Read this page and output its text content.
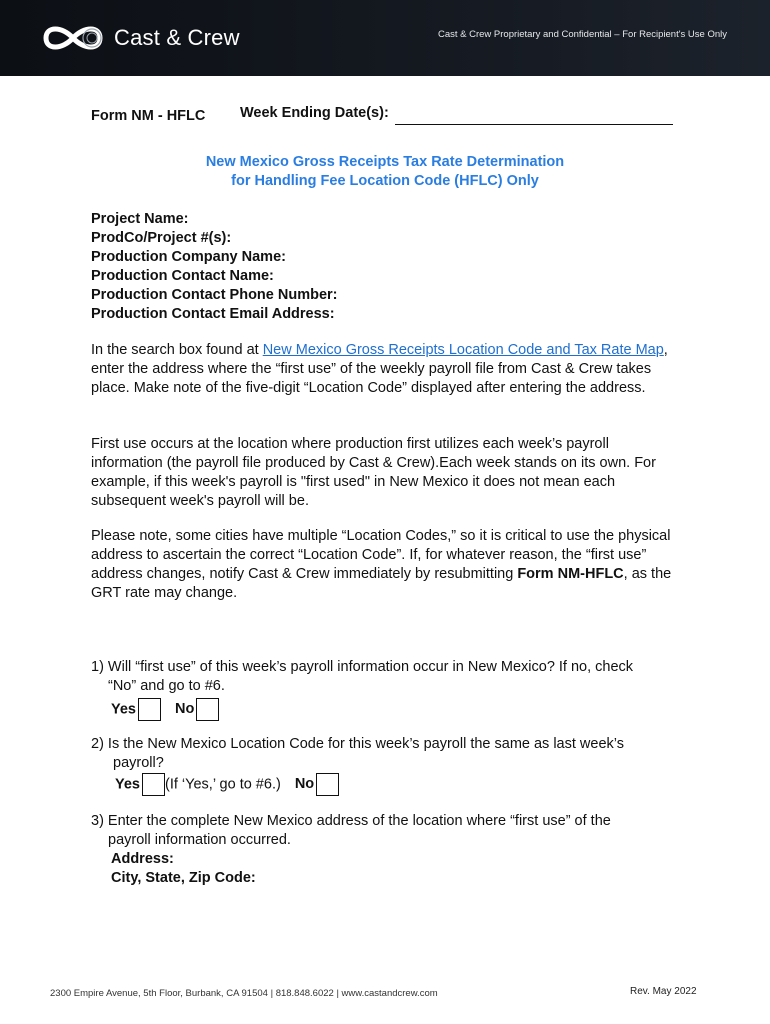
Cast & Crew	Cast & Crew Proprietary and Confidential – For Recipient's Use Only
Form NM - HFLC Week Ending Date(s):
New Mexico Gross Receipts Tax Rate Determination
for Handling Fee Location Code (HFLC) Only
Project Name:
ProdCo/Project #(s):
Production Company Name:
Production Contact Name:
Production Contact Phone Number:
Production Contact Email Address:
In the search box found at New Mexico Gross Receipts Location Code and Tax Rate Map, enter the address where the “first use” of the weekly payroll file from Cast & Crew takes place. Make note of the five-digit “Location Code” displayed after entering the address.
First use occurs at the location where production first utilizes each week’s payroll information (the payroll file produced by Cast & Crew).Each week stands on its own. For example, if this week's payroll is "first used" in New Mexico it does not mean each subsequent week's payroll will be.
Please note, some cities have multiple “Location Codes,” so it is critical to use the physical address to ascertain the correct “Location Code”. If, for whatever reason, the “first use” address changes, notify Cast & Crew immediately by resubmitting Form NM-HFLC, as the GRT rate may change.
1) Will “first use” of this week’s payroll information occur in New Mexico? If no, check
“No” and go to #6.
Yes	No
2) Is the New Mexico Location Code for this week’s payroll the same as last week’s
payroll?
Yes (If ‘Yes,’ go to #6.) No
3) Enter the complete New Mexico address of the location where “first use” of the
payroll information occurred.
Address:
City, State, Zip Code:
2300 Empire Avenue, 5th Floor, Burbank, CA 91504 | 818.848.6022 | www.castandcrew.com	Rev. May 2022
